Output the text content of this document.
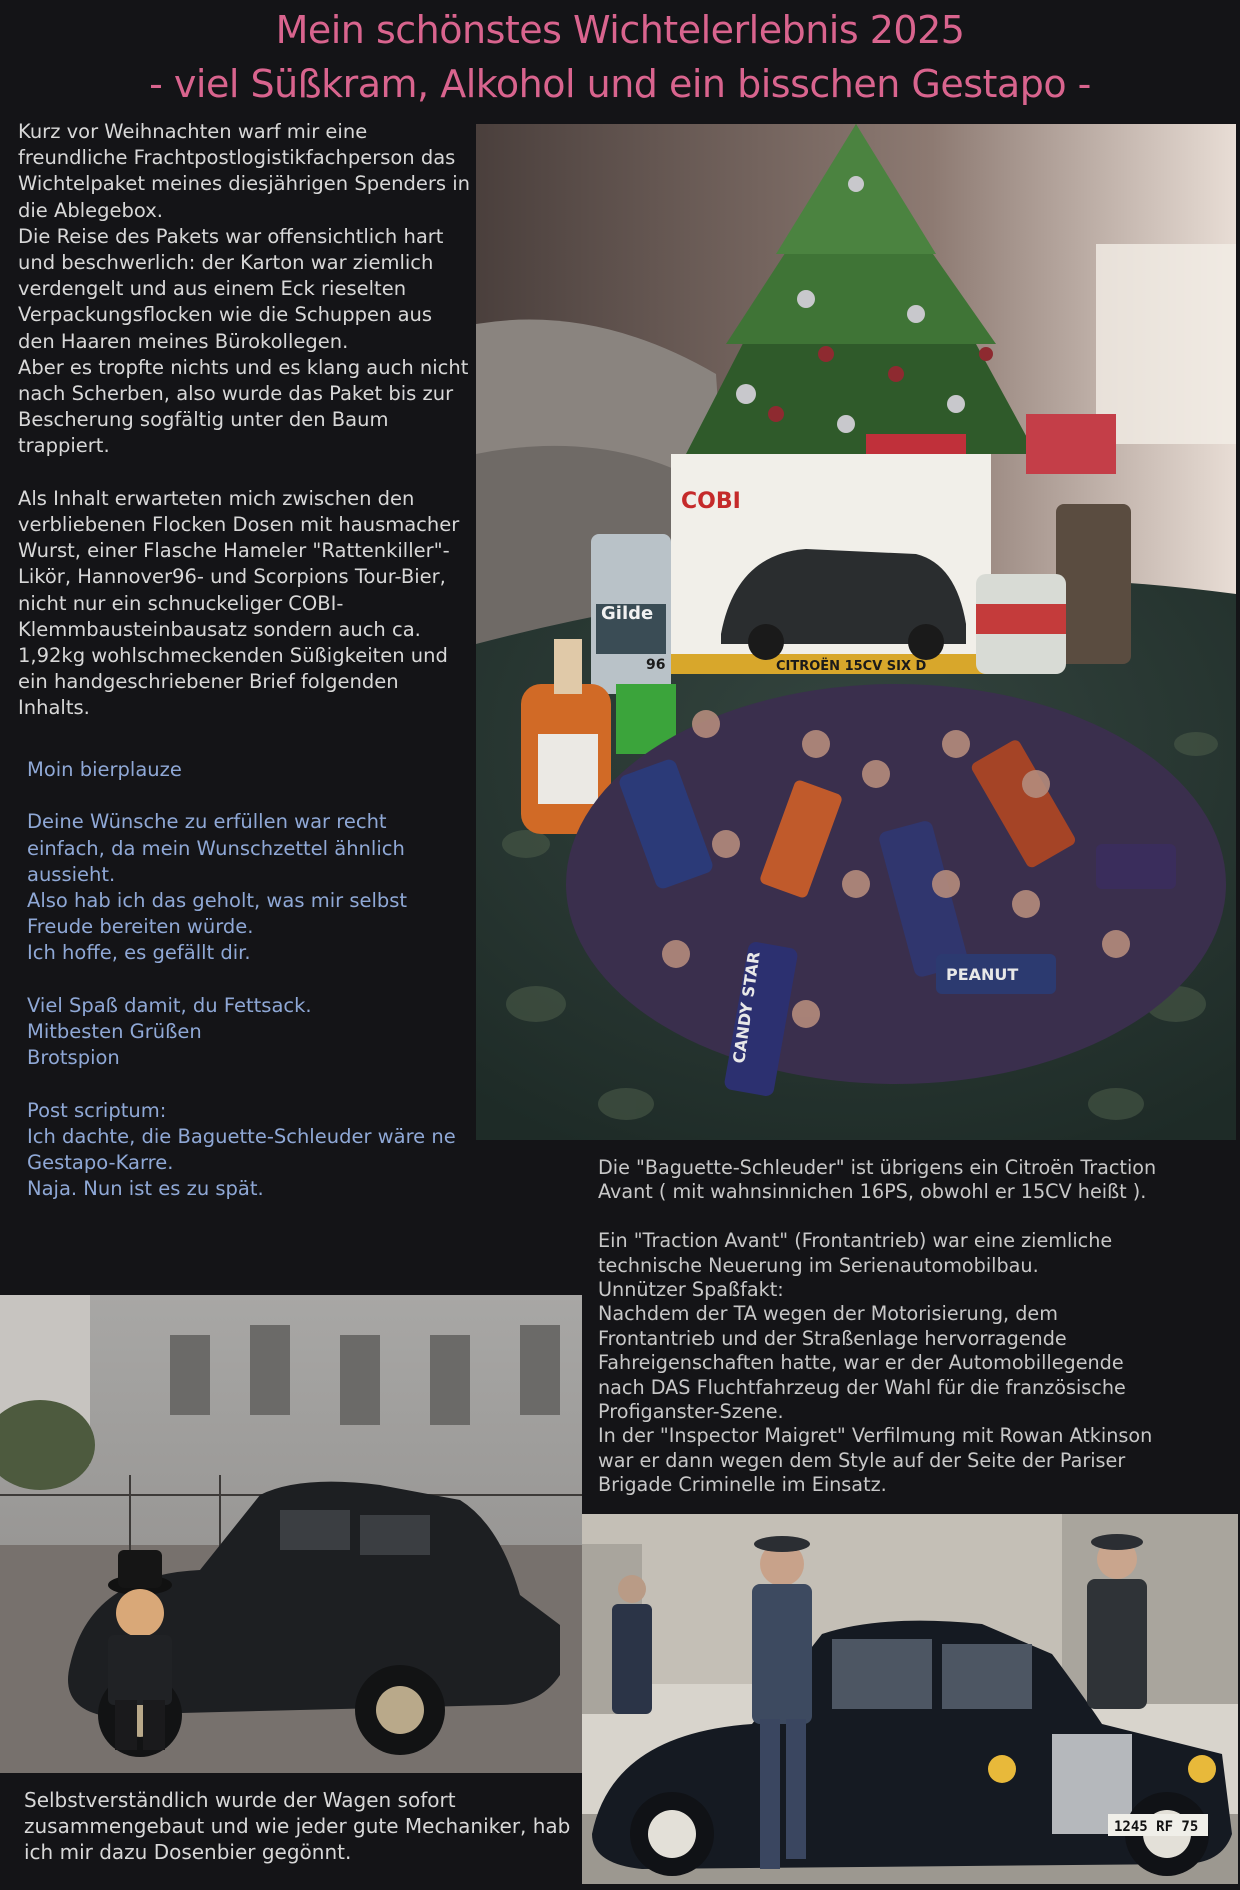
Mein schönstes Wichtelerlebnis 2025
- viel Süßkram, Alkohol und ein bisschen Gestapo -

Kurz vor Weihnachten warf mir eine
freundliche Frachtpostlogistikfachperson das
Wichtelpaket meines diesjährigen Spenders in
die Ablegebox.
Die Reise des Pakets war offensichtlich hart
und beschwerlich: der Karton war ziemlich
verdengelt und aus einem Eck rieselten
Verpackungsflocken wie die Schuppen aus
den Haaren meines Bürokollegen.
Aber es tropfte nichts und es klang auch nicht
nach Scherben, also wurde das Paket bis zur
Bescherung sogfältig unter den Baum
trappiert.

Als Inhalt erwarteten mich zwischen den
verbliebenen Flocken Dosen mit hausmacher
Wurst, einer Flasche Hameler "Rattenkiller"-
Likör, Hannover96- und Scorpions Tour-Bier,
nicht nur ein schnuckeliger COBI-
Klemmbausteinbausatz sondern auch ca.
1,92kg wohlschmeckenden Süßigkeiten und
ein handgeschriebener Brief folgenden
Inhalts.

Moin bierplauze

Deine Wünsche zu erfüllen war recht
einfach, da mein Wunschzettel ähnlich
aussieht.
Also hab ich das geholt, was mir selbst
Freude bereiten würde.
Ich hoffe, es gefällt dir.

Viel Spaß damit, du Fettsack.
Mitbesten Grüßen
Brotspion

Post scriptum:
Ich dachte, die Baguette-Schleuder wäre ne
Gestapo-Karre.
Naja. Nun ist es zu spät.

Die "Baguette-Schleuder" ist übrigens ein Citroën Traction
Avant ( mit wahnsinnichen 16PS, obwohl er 15CV heißt ).

Ein "Traction Avant" (Frontantrieb) war eine ziemliche
technische Neuerung im Serienautomobilbau.
Unnützer Spaßfakt:
Nachdem der TA wegen der Motorisierung, dem
Frontantrieb und der Straßenlage hervorragende
Fahreigenschaften hatte, war er der Automobillegende
nach DAS Fluchtfahrzeug der Wahl für die französische
Profiganster-Szene.
In der "Inspector Maigret" Verfilmung mit Rowan Atkinson
war er dann wegen dem Style auf der Seite der Pariser
Brigade Criminelle im Einsatz.

Selbstverständlich wurde der Wagen sofort
zusammengebaut und wie jeder gute Mechaniker, hab
ich mir dazu Dosenbier gegönnt.

COBI
CITROËN 15CV SIX D
Gilde
96
CANDY STAR	PEANUT
1245 RF 75
